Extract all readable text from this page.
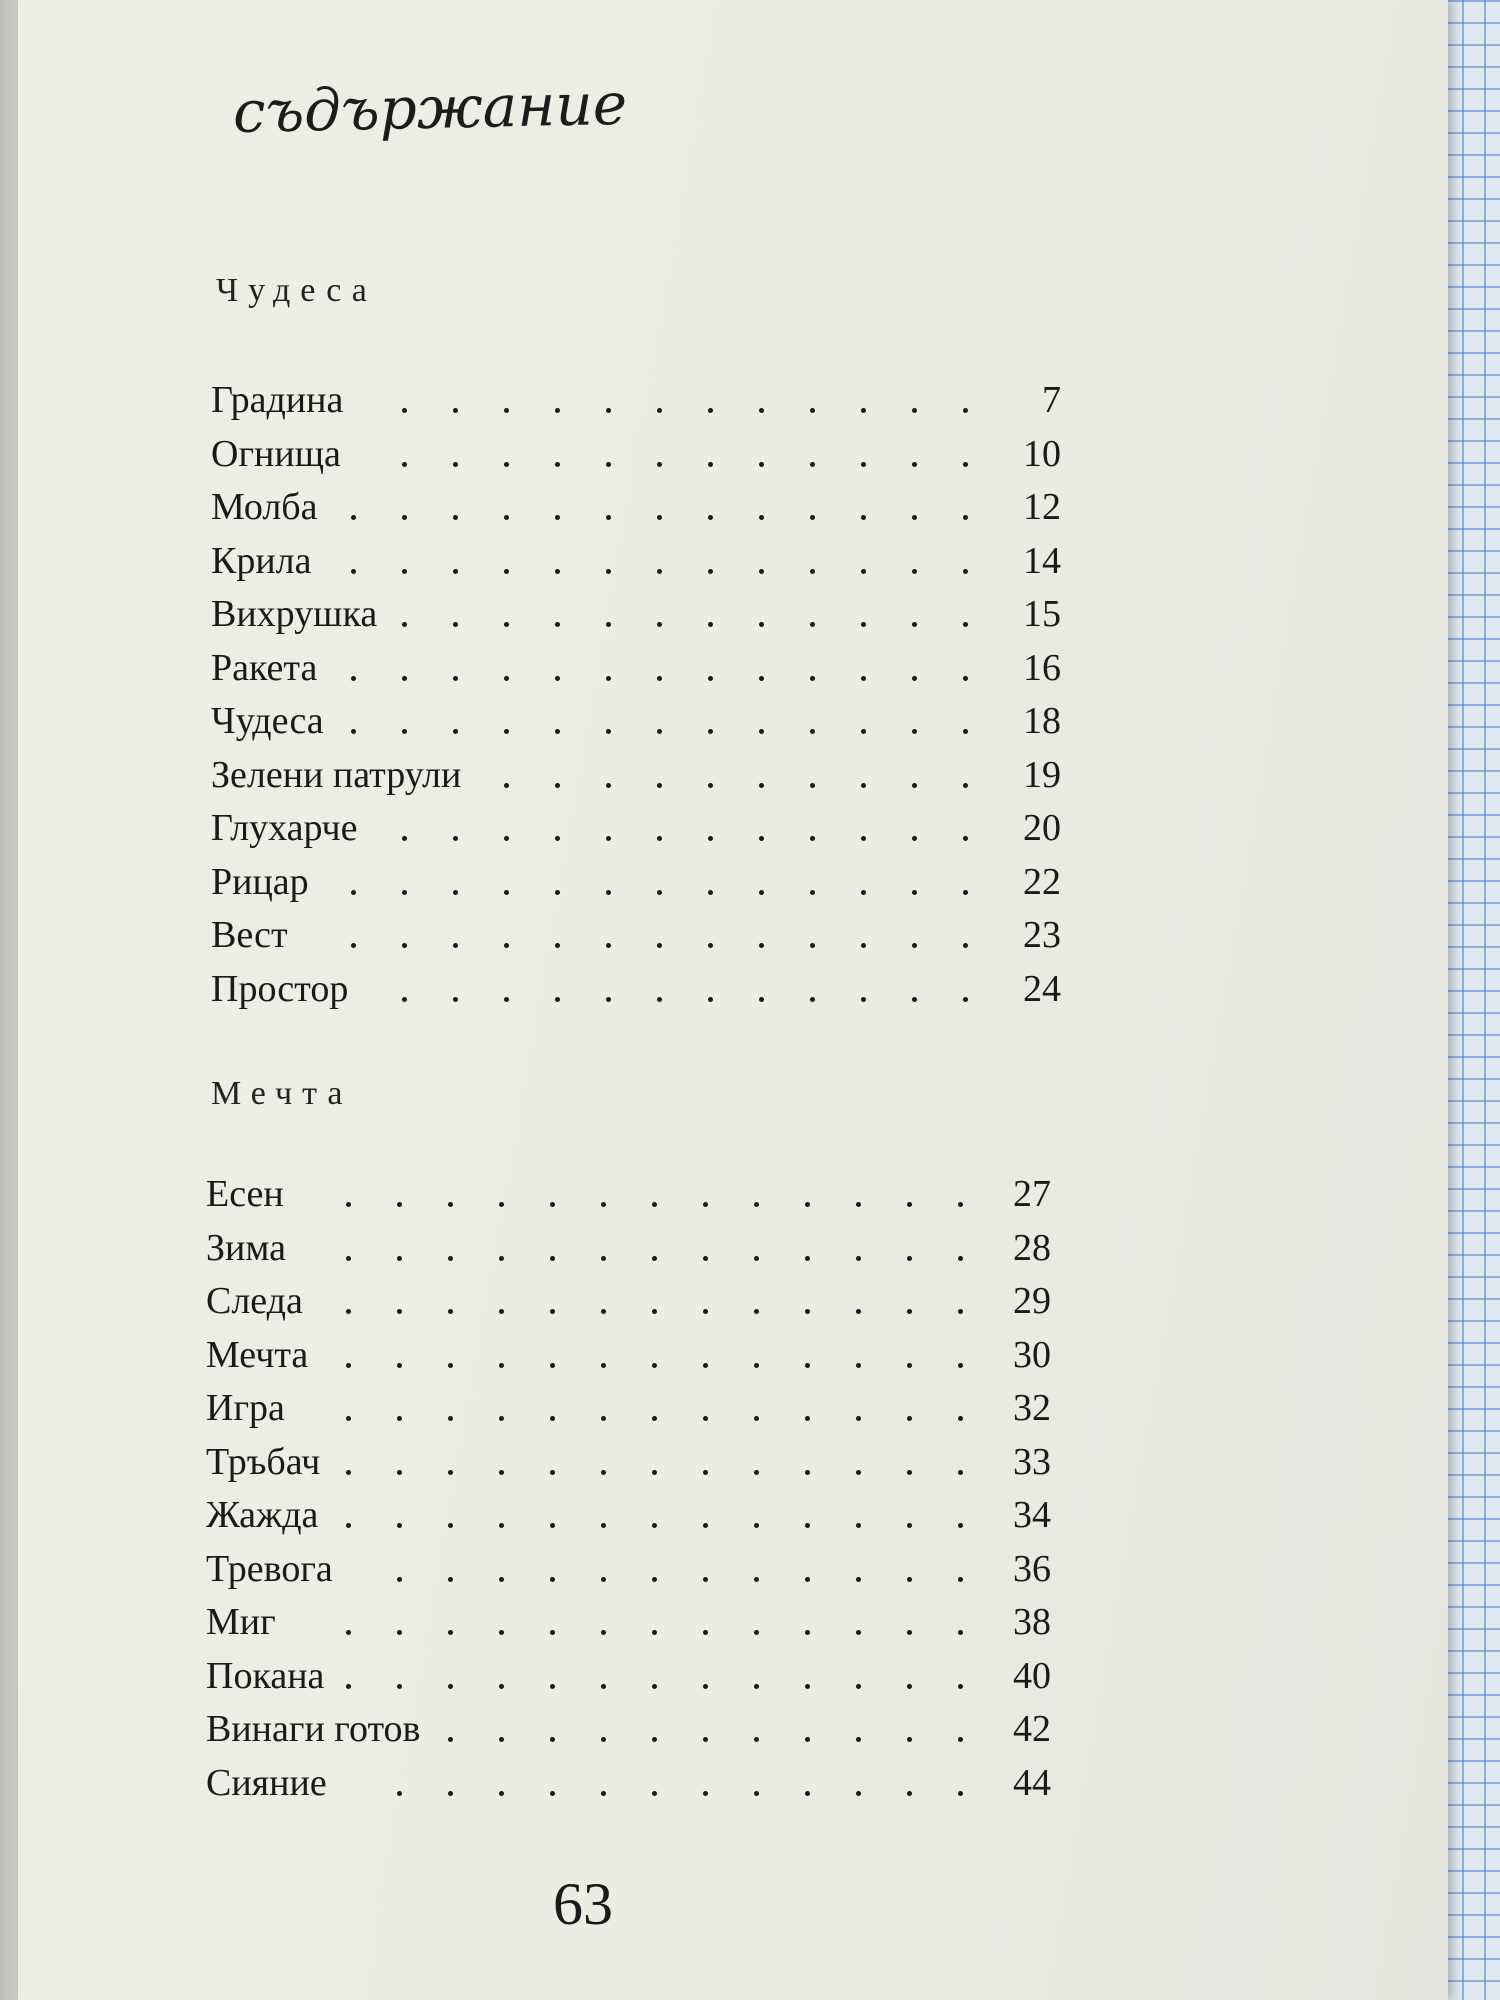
съдържание
Чудеса
Градина	7
Огнища	10
Молба	12
Крила	14
Вихрушка	15
Ракета	16
Чудеса	18
Зелени патрули	19
Глухарче	20
Рицар	22
Вест	23
Простор	24
Мечта
Есен	27
Зима	28
Следа	29
Мечта	30
Игра	32
Тръбач	33
Жажда	34
Тревога	36
Миг	38
Покана	40
Винаги готов	42
Сияние	44
63
